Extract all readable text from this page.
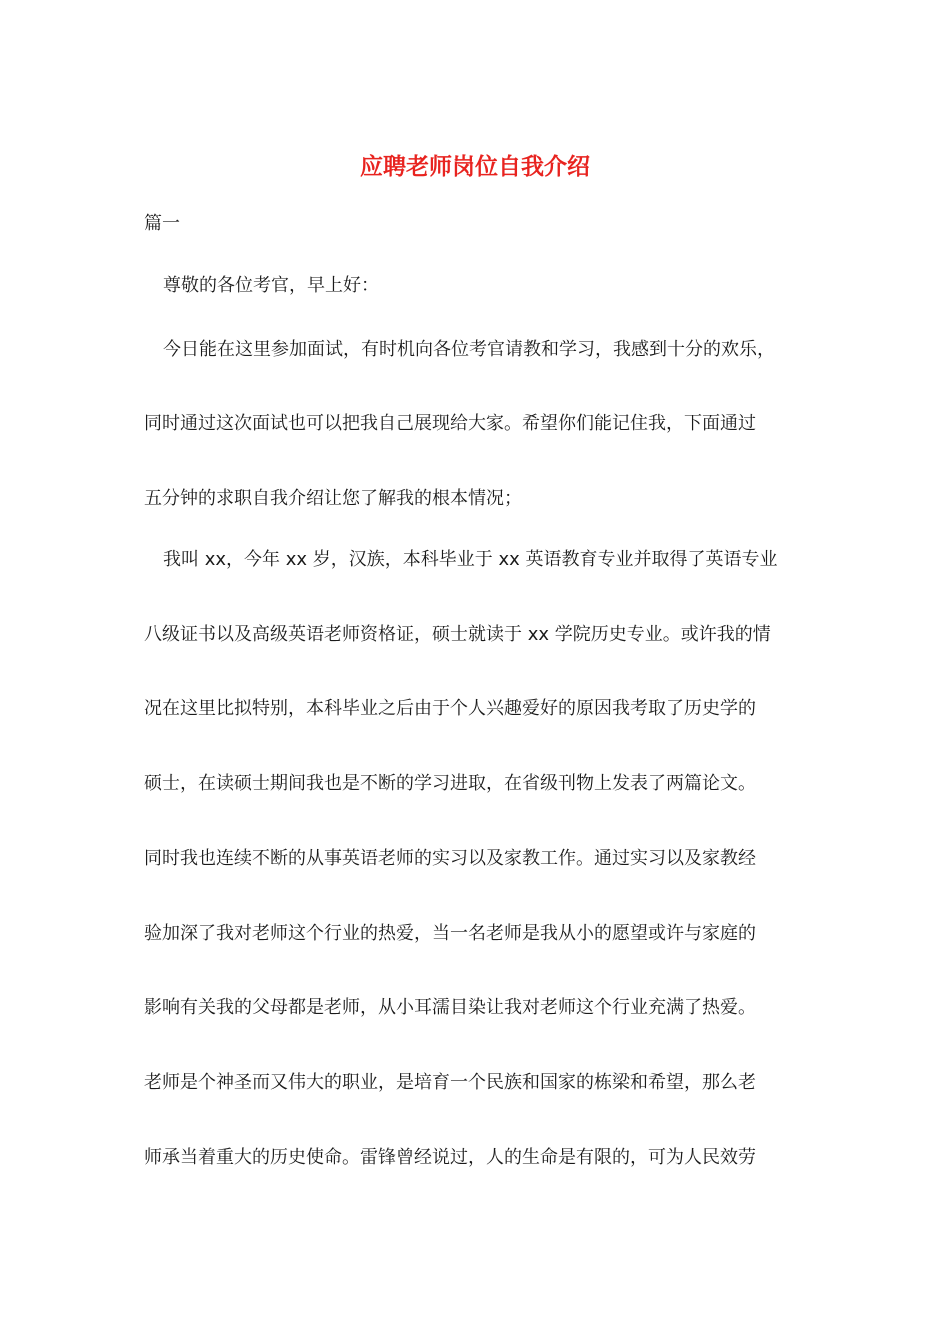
应聘老师岗位自我介绍
篇一
尊敬的各位考官，早上好：
今日能在这里参加面试，有时机向各位考官请教和学习，我感到十分的欢乐，
同时通过这次面试也可以把我自己展现给大家。希望你们能记住我，下面通过
五分钟的求职自我介绍让您了解我的根本情况；
我叫 xx，今年 xx 岁，汉族，本科毕业于 xx 英语教育专业并取得了英语专业
八级证书以及高级英语老师资格证，硕士就读于 xx 学院历史专业。或许我的情
况在这里比拟特别，本科毕业之后由于个人兴趣爱好的原因我考取了历史学的
硕士，在读硕士期间我也是不断的学习进取，在省级刊物上发表了两篇论文。
同时我也连续不断的从事英语老师的实习以及家教工作。通过实习以及家教经
验加深了我对老师这个行业的热爱，当一名老师是我从小的愿望或许与家庭的
影响有关我的父母都是老师，从小耳濡目染让我对老师这个行业充满了热爱。
老师是个神圣而又伟大的职业，是培育一个民族和国家的栋梁和希望，那么老
师承当着重大的历史使命。雷锋曾经说过，人的生命是有限的，可为人民效劳
